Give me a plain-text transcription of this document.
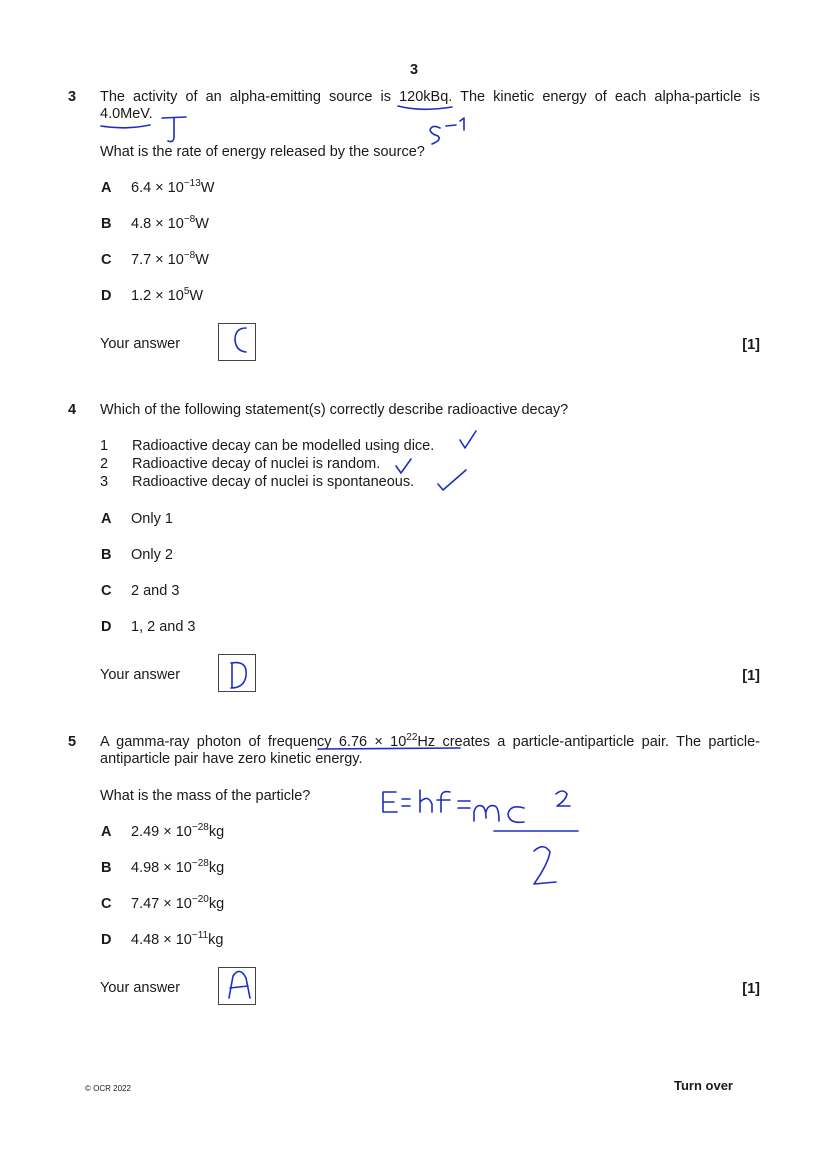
3
3 The activity of an alpha-emitting source is 120kBq. The kinetic energy of each alpha-particle is 4.0MeV.
What is the rate of energy released by the source?
A $6.4 \times 10^{-13}W$
B $4.8 \times 10^{-8}W$
C $7.7 \times 10^{-8}W$
D $1.2 \times 10^5W$
Your answer	[1]
4 Which of the following statement(s) correctly describe radioactive decay?
1 Radioactive decay can be modelled using dice.
2 Radioactive decay of nuclei is random.
3 Radioactive decay of nuclei is spontaneous.
A Only 1
B Only 2
C 2 and 3
D 1, 2 and 3
Your answer	[1]
5 A gamma-ray photon of frequency $6.76 \times 10^{22}Hz$ creates a particle-antiparticle pair. The particle-antiparticle pair have zero kinetic energy.
What is the mass of the particle?
A $2.49 \times 10^{-28}kg$
B $4.98 \times 10^{-28}kg$
C $7.47 \times 10^{-20}kg$
D $4.48 \times 10^{-11}kg$
Your answer	[1]
© OCR 2022	Turn over
